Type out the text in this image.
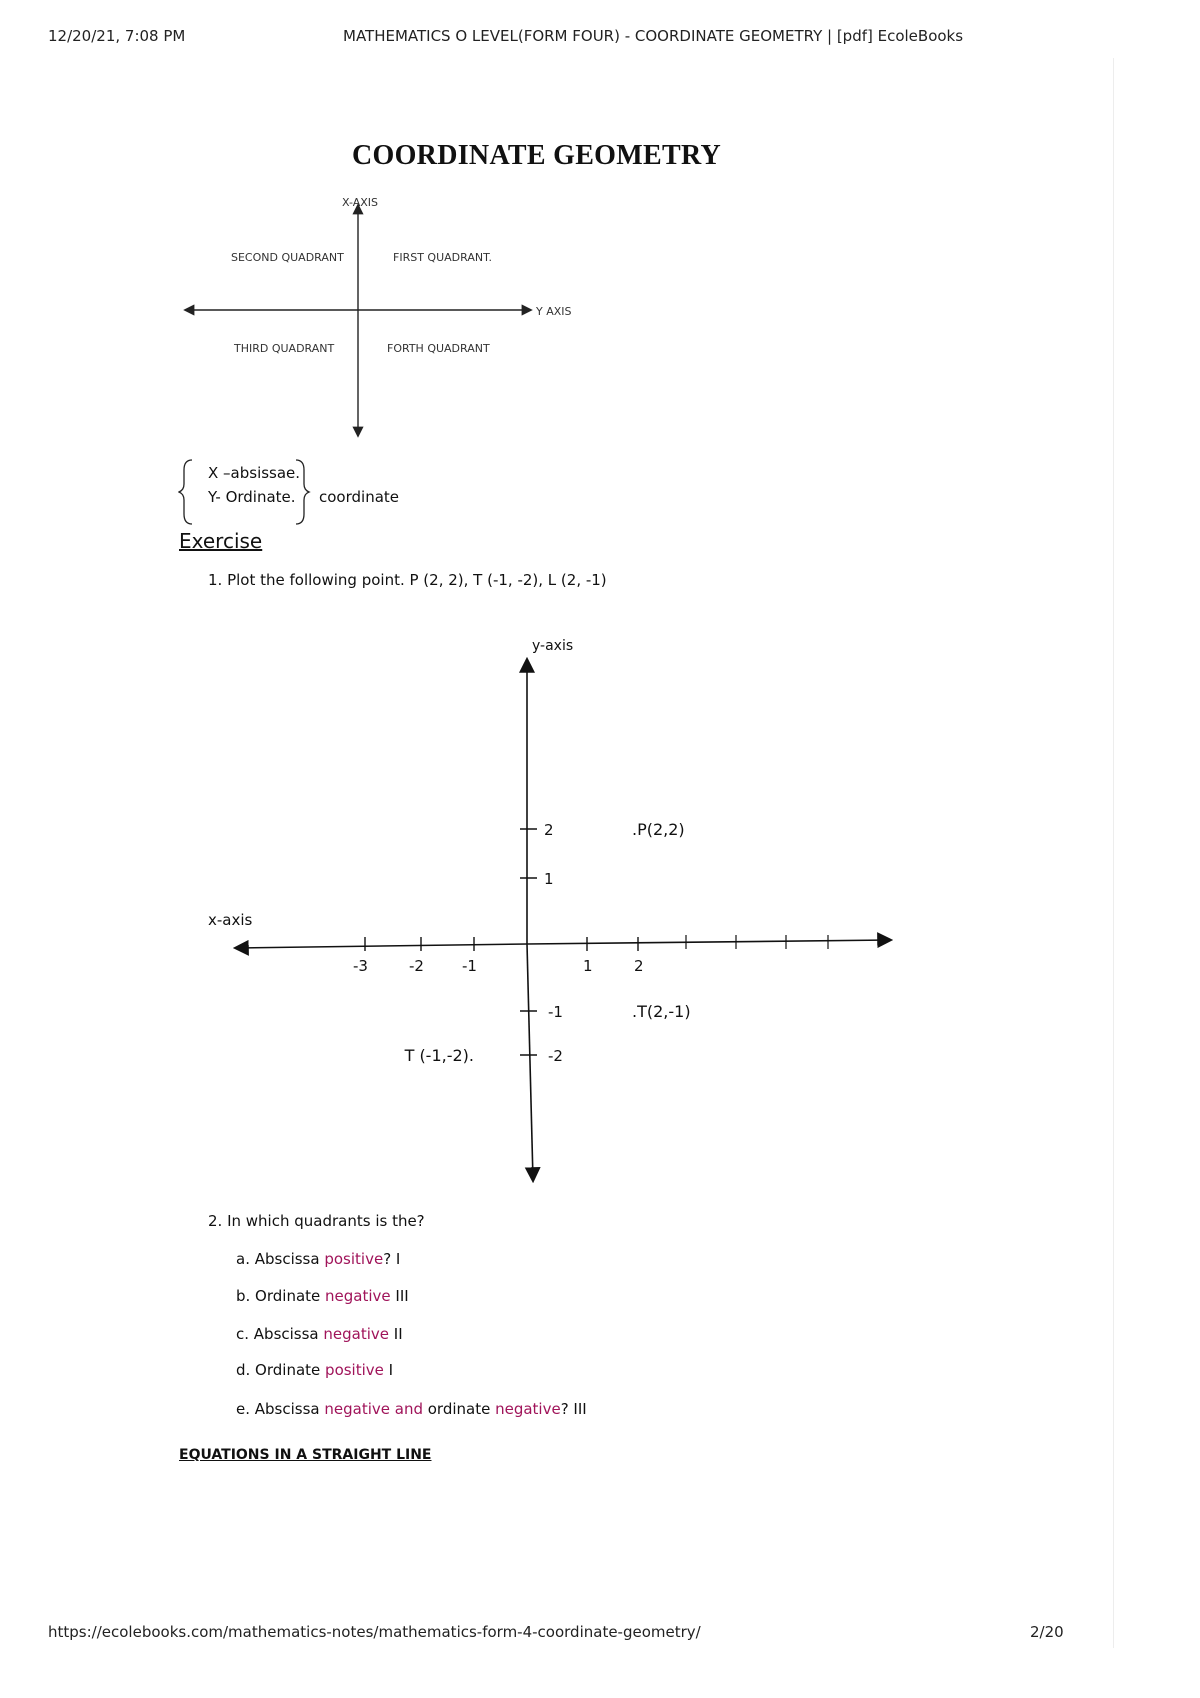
12/20/21, 7:08 PM	MATHEMATICS O LEVEL(FORM FOUR) - COORDINATE GEOMETRY | [pdf] EcoleBooks
COORDINATE GEOMETRY
X-AXIS
Y AXIS
SECOND QUADRANT	FIRST QUADRANT.
THIRD QUADRANT	FORTH QUADRANT
X –absissae.
Y- Ordinate. coordinate
Exercise
1. Plot the following point. P (2, 2), T (-1, -2), L (2, -1)
-3	-2	-1	1	2
2
1
-1
-2
.P(2,2)
.T(2,-1)
T (-1,-2).
y-axis
x-axis
2. In which quadrants is the?
a. Abscissa positive? I
b. Ordinate negative III
c. Abscissa negative II
d. Ordinate positive I
e. Abscissa negative and ordinate negative? III
EQUATIONS IN A STRAIGHT LINE
https://ecolebooks.com/mathematics-notes/mathematics-form-4-coordinate-geometry/	2/20
